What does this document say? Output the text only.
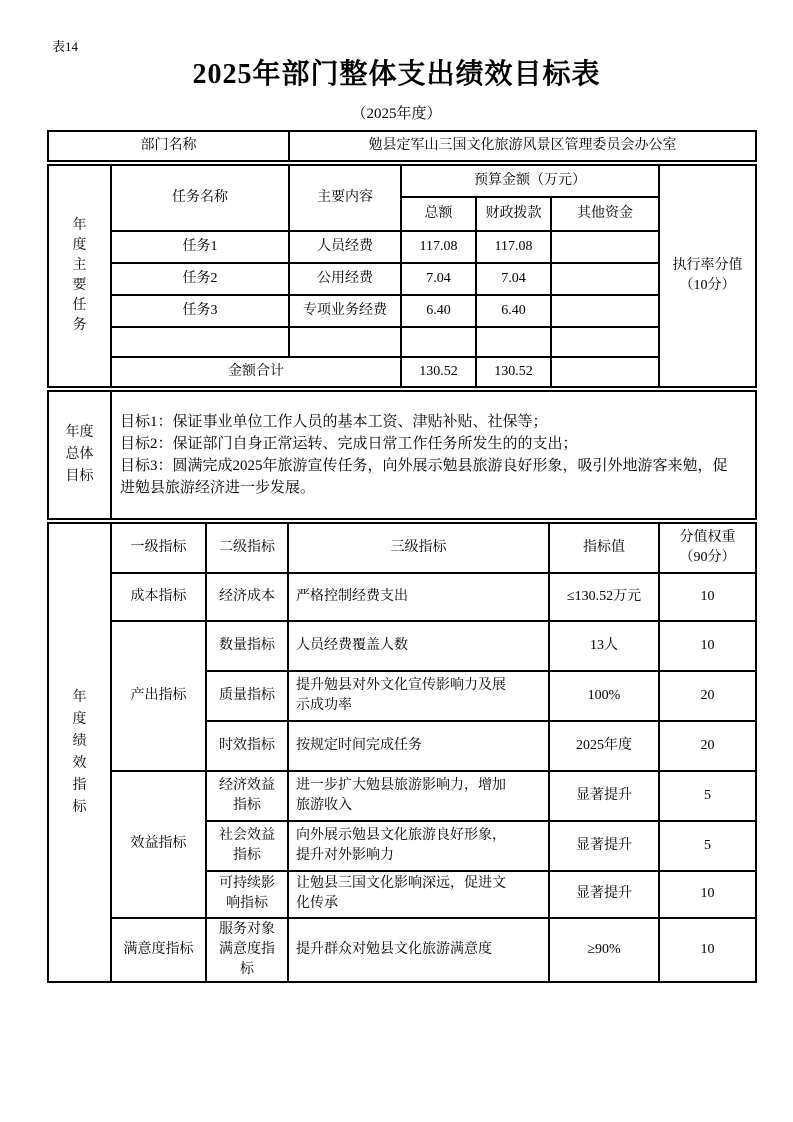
表14
2025年部门整体支出绩效目标表
（2025年度）
部门名称	勉县定军山三国文化旅游风景区管理委员会办公室
年度主要任务	任务名称	主要内容	预算金额（万元）			执行率分值
（10分）

			总额	财政拨款	其他资金	
	任务1	人员经费	117.08	117.08		
	任务2	公用经费	7.04	7.04		
	任务3	专项业务经费	6.40	6.40		

	金额合计		130.52	130.52		
年度总体目标	
目标1：保证事业单位工作人员的基本工资、津贴补贴、社保等；
目标2：保证部门自身正常运转、完成日常工作任务所发生的的支出；
目标3：圆满完成2025年旅游宣传任务，向外展示勉县旅游良好形象，吸引外地游客来勉，促进勉县旅游经济进一步发展。
年度绩效指标	一级指标	二级指标	三级指标	指标值	分值权重
（90分）

	成本指标	经济成本	严格控制经费支出	≤130.52万元	10
	产出指标	数量指标	人员经费覆盖人数	13人	10
		质量指标	提升勉县对外文化宣传影响力及展示成功率	100%	20
		时效指标	按规定时间完成任务	2025年度	20
	效益指标	经济效益指标	进一步扩大勉县旅游影响力，增加旅游收入	显著提升	5
		社会效益指标	向外展示勉县文化旅游良好形象，提升对外影响力	显著提升	5
		可持续影响指标	让勉县三国文化影响深远，促进文化传承	显著提升	10
	满意度指标	服务对象满意度指标	提升群众对勉县文化旅游满意度	≥90%	10
